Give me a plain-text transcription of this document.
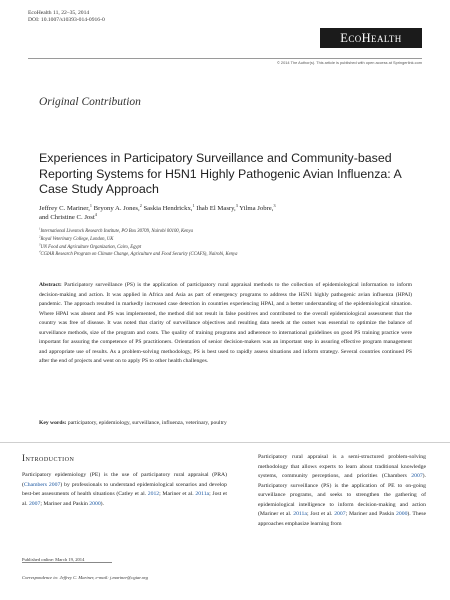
EcoHealth 11, 22–35, 2014
DOI: 10.1007/s10393-014-0916-0
EcoHealth
© 2014 The Author(s). This article is published with open access at Springerlink.com
Original Contribution
Experiences in Participatory Surveillance and Community-based Reporting Systems for H5N1 Highly Pathogenic Avian Influenza: A Case Study Approach
Jeffrey C. Mariner,$^1$ Bryony A. Jones,$^2$ Saskia Hendrickx,$^1$ Ihab El Masry,$^3$ Yilma Jobre,$^3$
and Christine C. Jost$^4$
$^1$International Livestock Research Institute, PO Box 30709, Nairobi 00100, Kenya
$^2$Royal Veterinary College, London, UK
$^3$UN Food and Agriculture Organization, Cairo, Egypt
$^4$CGIAR Research Program on Climate Change, Agriculture and Food Security (CCAFS), Nairobi, Kenya
Abstract: Participatory surveillance (PS) is the application of participatory rural appraisal methods to the collection of epidemiological information to inform decision-making and action. It was applied in Africa and Asia as part of emergency programs to address the H5N1 highly pathogenic avian influenza (HPAI) pandemic. The approach resulted in markedly increased case detection in countries experiencing HPAI, and a better understanding of the epidemiological situation. Where HPAI was absent and PS was implemented, the method did not result in false positives and contributed to the overall epidemiological assessment that the country was free of disease. It was noted that clarity of surveillance objectives and resulting data needs at the outset was essential to optimize the balance of surveillance methods, size of the program and costs. The quality of training programs and adherence to international guidelines on good PS training practice were important for assuring the competence of PS practitioners. Orientation of senior decision-makers was an important step in assuring effective program management and appropriate use of results. As a problem-solving methodology, PS is best used to rapidly assess situations and inform strategy. Several countries continued PS after the end of projects and went on to apply PS to other health challenges.
Key words: participatory, epidemiology, surveillance, influenza, veterinary, poultry
Introduction

Participatory epidemiology (PE) is the use of participatory rural appraisal (PRA) (Chambers 2007) by professionals to understand epidemiological scenarios and develop best-bet assessments of health situations (Catley et al. 2012; Mariner et al. 2011a; Jost et al. 2007; Mariner and Paskin 2000).

Published online: March 19, 2014
Correspondence to: Jeffrey C. Mariner, e-mail: j.mariner@cgiar.org

Participatory rural appraisal is a semi-structured problem-solving methodology that allows experts to learn about traditional knowledge systems, community perceptions, and priorities (Chambers 2007). Participatory surveillance (PS) is the application of PE to on-going surveillance programs, and seeks to strengthen the gathering of epidemiological intelligence to inform decision-making and action (Mariner et al. 2011a; Jost et al. 2007; Mariner and Paskin 2000). These approaches emphasize learning from
